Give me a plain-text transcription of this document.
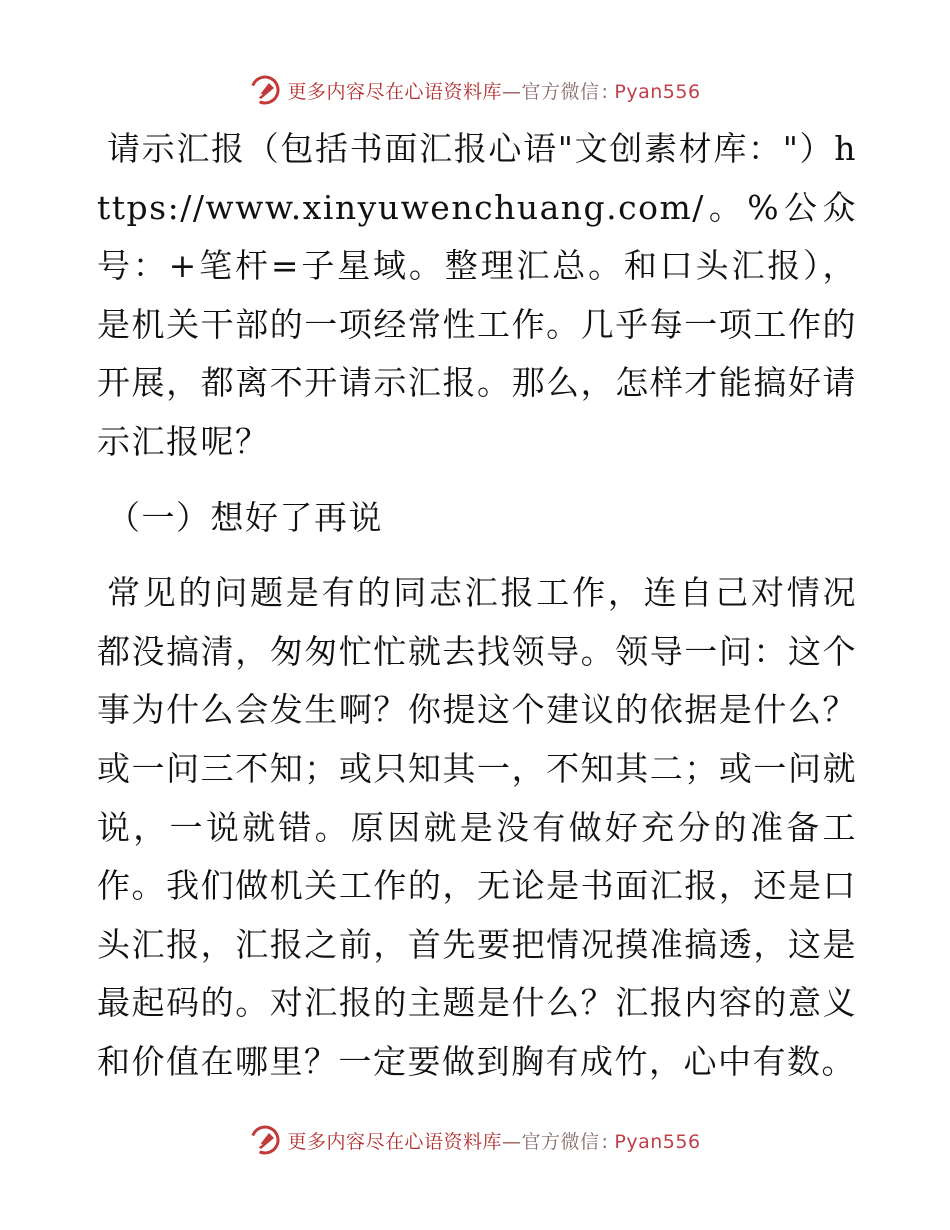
更多内容尽在心语资料库—官方微信 : Pyan556

请示汇报（包括书面汇报心语"文创素材库："）https://www.xinyuwenchuang.com/。%公众号：+笔杆=子星域。整理汇总。和口头汇报），是机关干部的一项经常性工作。几乎每一项工作的开展，都离不开请示汇报。那么，怎样才能搞好请示汇报呢？

（一）想好了再说

常见的问题是有的同志汇报工作，连自己对情况都没搞清，匆匆忙忙就去找领导。领导一问：这个事为什么会发生啊？你提这个建议的依据是什么？或一问三不知；或只知其一，不知其二；或一问就说，一说就错。原因就是没有做好充分的准备工作。我们做机关工作的，无论是书面汇报，还是口头汇报，汇报之前，首先要把情况摸准搞透，这是最起码的。对汇报的主题是什么？汇报内容的意义和价值在哪里？一定要做到胸有成竹，心中有数。

更多内容尽在心语资料库—官方微信 : Pyan556
